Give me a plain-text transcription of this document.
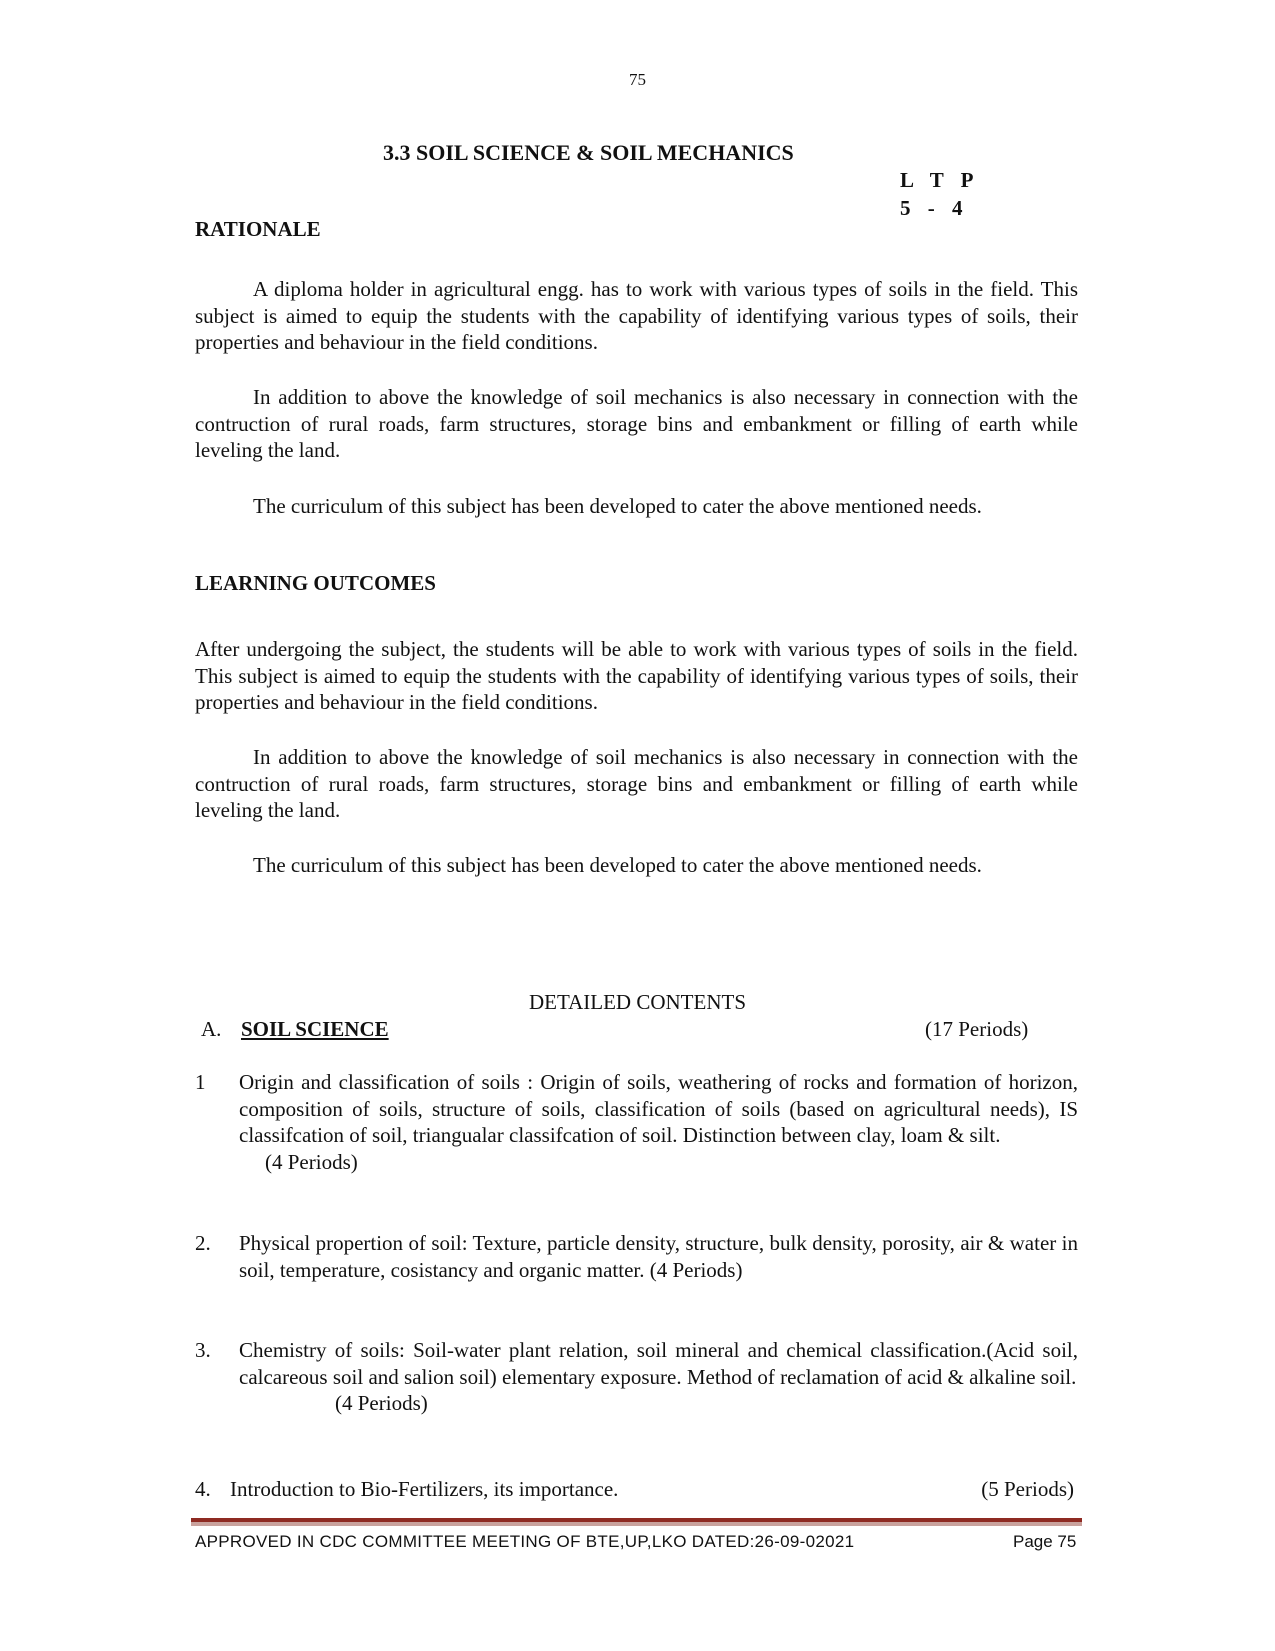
75
3.3 SOIL SCIENCE & SOIL MECHANICS
L T P
5 - 4
RATIONALE
A diploma holder in agricultural engg. has to work with various types of soils in the field. This subject is aimed to equip the students with the capability of identifying various types of soils, their properties and behaviour in the field conditions.
In addition to above the knowledge of soil mechanics is also necessary in connection with the contruction of rural roads, farm structures, storage bins and embankment or filling of earth while leveling the land.
The curriculum of this subject has been developed to cater the above mentioned needs.
LEARNING OUTCOMES
After undergoing the subject, the students will be able to work with various types of soils in the field. This subject is aimed to equip the students with the capability of identifying various types of soils, their properties and behaviour in the field conditions.
In addition to above the knowledge of soil mechanics is also necessary in connection with the contruction of rural roads, farm structures, storage bins and embankment or filling of earth while leveling the land.
The curriculum of this subject has been developed to cater the above mentioned needs.
DETAILED CONTENTS
A. SOIL SCIENCE	(17 Periods)
1 Origin and classification of soils : Origin of soils, weathering of rocks and formation of horizon, composition of soils, structure of soils, classification of soils (based on agricultural needs), IS classifcation of soil, triangualar classifcation of soil. Distinction between clay, loam & silt.
(4 Periods)
2. Physical propertion of soil: Texture, particle density, structure, bulk density, porosity, air & water in soil, temperature, cosistancy and organic matter. (4 Periods)
3. Chemistry of soils: Soil-water plant relation, soil mineral and chemical classification.(Acid soil, calcareous soil and salion soil) elementary exposure. Method of reclamation of acid & alkaline soil.
(4 Periods)
4. Introduction to Bio-Fertilizers, its importance.	(5 Periods)
APPROVED IN CDC COMMITTEE MEETING OF BTE,UP,LKO DATED:26-09-02021	Page 75
